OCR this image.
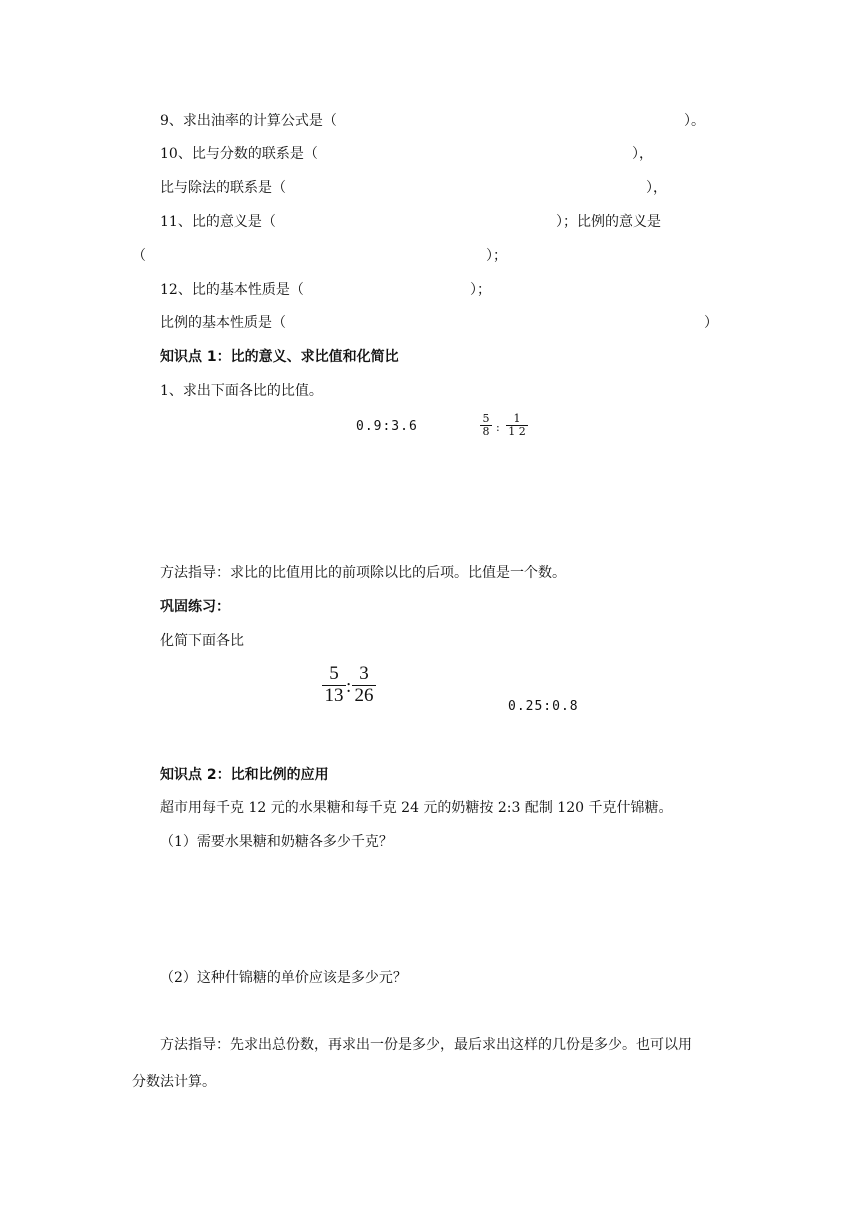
9、求出油率的计算公式是（	）。
10、比与分数的联系是（	），
比与除法的联系是（	），
11、比的意义是（	）；比例的意义是
（	）；
12、比的基本性质是（	）；
比例的基本性质是（	）
知识点 1：比的意义、求比值和化简比
1、求出下面各比的比值。
0.9:3.6
5
8 :
1
1 2
方法指导：求比的比值用比的前项除以比的后项。比值是一个数。
巩固练习：
化简下面各比
5
13 :
3
26
0.25:0.8
知识点 2：比和比例的应用
超市用每千克 12 元的水果糖和每千克 24 元的奶糖按 2:3 配制 120 千克什锦糖。
（1）需要水果糖和奶糖各多少千克？
（2）这种什锦糖的单价应该是多少元？
方法指导：先求出总份数，再求出一份是多少，最后求出这样的几份是多少。也可以用
分数法计算。
